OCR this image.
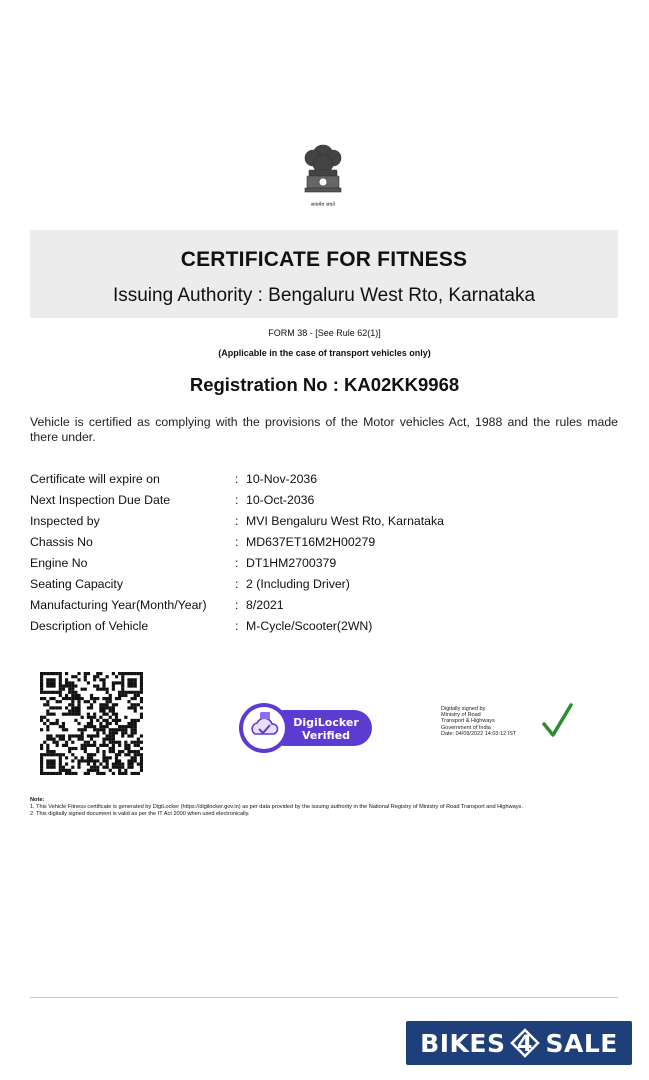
सत्यमेव जयते
CERTIFICATE FOR FITNESS
Issuing Authority : Bengaluru West Rto, Karnataka
FORM 38 - [See Rule 62(1)]
(Applicable in the case of transport vehicles only)
Registration No : KA02KK9968
Vehicle is certified as complying with the provisions of the Motor vehicles Act, 1988 and the rules made there under.
Certificate will expire on	: 10-Nov-2036
Next Inspection Due Date	: 10-Oct-2036
Inspected by	: MVI Bengaluru West Rto, Karnataka
Chassis No	: MD637ET16M2H00279
Engine No	: DT1HM2700379
Seating Capacity	: 2 (Including Driver)
Manufacturing Year(Month/Year) : 8/2021
Description of Vehicle	: M-Cycle/Scooter(2WN)
DigiLocker
Verified
Digitally signed by
Ministry of Road
Transport & Highways
Government of India
Date: 04/09/2022 14:03:12 IST
Note:
1. This Vehicle Fitness certificate is generated by DigiLocker (https://digilocker.gov.in) as per data provided by the issuing authority in the National Registry of Ministry of Road Transport and Highways.
2. This digitally signed document is valid as per the IT Act 2000 when used electronically.
BIKES 4 SALE
